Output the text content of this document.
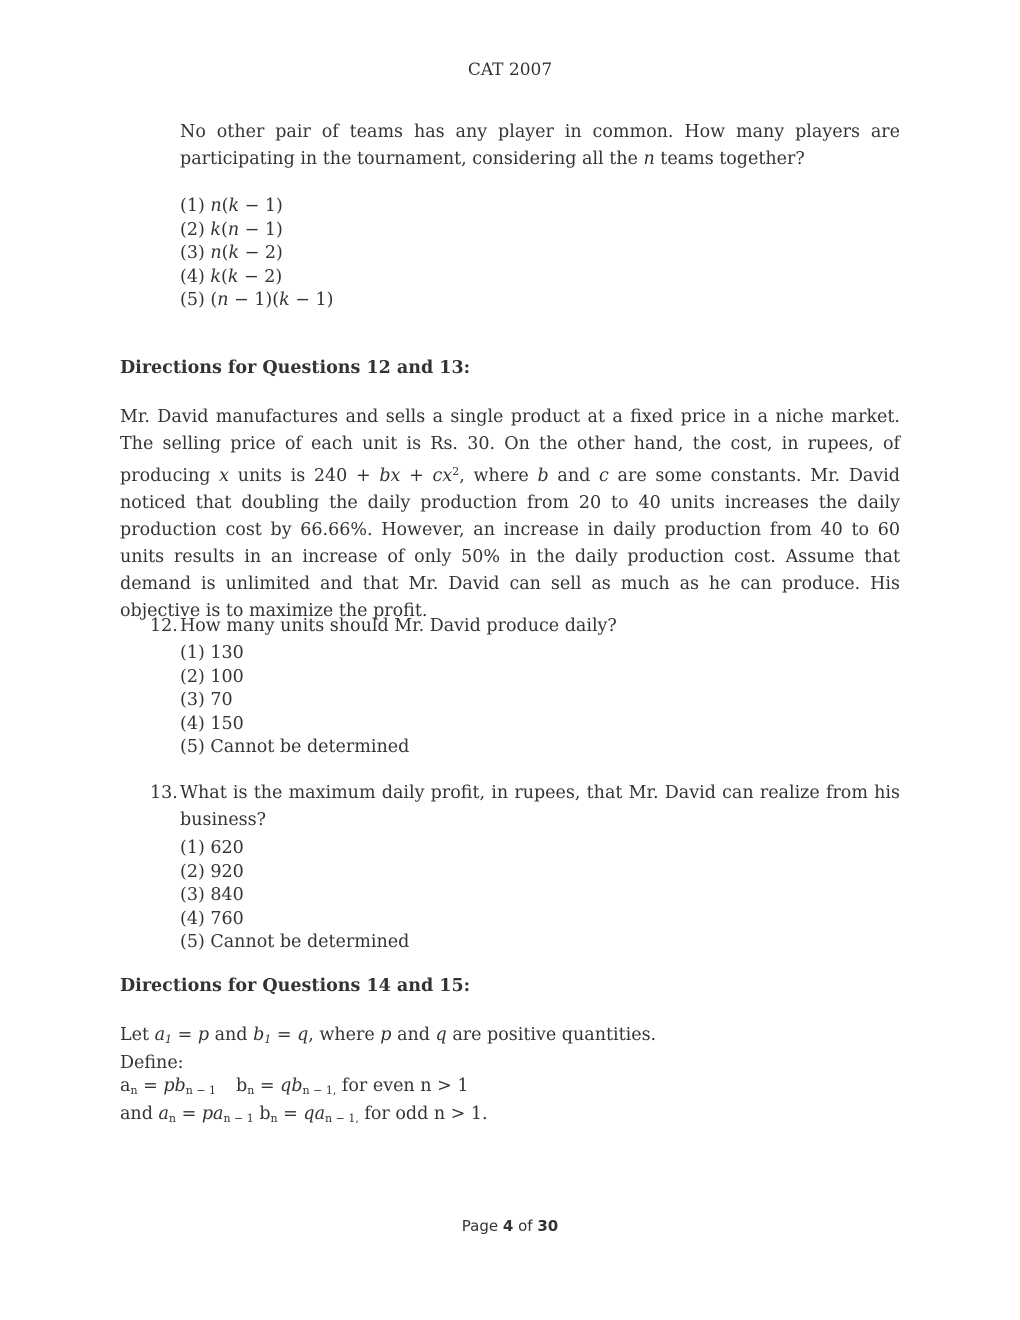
CAT 2007
No other pair of teams has any player in common. How many players are participating in the tournament, considering all the n teams together?
(1) n(k − 1)
(2) k(n − 1)
(3) n(k − 2)
(4) k(k − 2)
(5) (n − 1)(k − 1)
Directions for Questions 12 and 13:
Mr. David manufactures and sells a single product at a fixed price in a niche market. The selling price of each unit is Rs. 30. On the other hand, the cost, in rupees, of producing x units is 240 + bx + $cx^2$, where b and c are some constants. Mr. David noticed that doubling the daily production from 20 to 40 units increases the daily production cost by 66.66%. However, an increase in daily production from 40 to 60 units results in an increase of only 50% in the daily production cost. Assume that demand is unlimited and that Mr. David can sell as much as he can produce. His objective is to maximize the profit.
12. How many units should Mr. David produce daily?
(1) 130
(2) 100
(3) 70
(4) 150
(5) Cannot be determined
13. What is the maximum daily profit, in rupees, that Mr. David can realize from his business?
(1) 620
(2) 920
(3) 840
(4) 760
(5) Cannot be determined
Directions for Questions 14 and 15:
Let $a_1 = p$ and $b_1 = q$, where p and q are positive quantities.
Define:
$a_n = pb_{n - 1}$ $b_n = qb_{n - 1,}$ for even n > 1
and $a_n = pa_{n - 1}$ $b_n = qa_{n - 1,}$ for odd n > 1.
Page 4 of 30
